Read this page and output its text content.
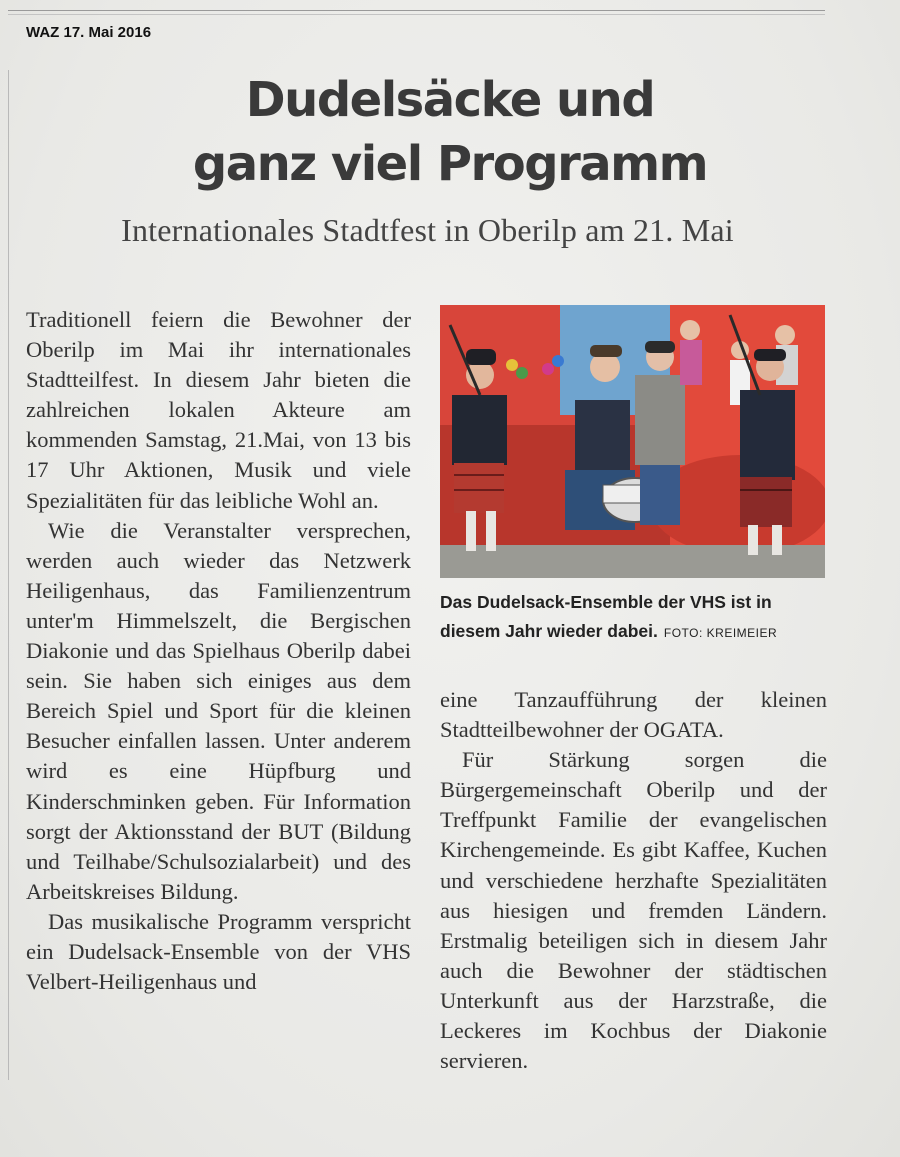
WAZ 17. Mai 2016
Dudelsäcke und
ganz viel Programm
Internationales Stadtfest in Oberilp am 21. Mai

Traditionell feiern die Bewohner der Oberilp im Mai ihr internationales Stadtteilfest. In diesem Jahr bieten die zahlreichen lokalen Akteure am kommenden Samstag, 21.Mai, von 13 bis 17 Uhr Aktionen, Musik und viele Spezialitäten für das leibliche Wohl an.

Wie die Veranstalter versprechen, werden auch wieder das Netzwerk Heiligenhaus, das Familienzentrum unter'm Himmelszelt, die Bergischen Diakonie und das Spielhaus Oberilp dabei sein. Sie haben sich einiges aus dem Bereich Spiel und Sport für die kleinen Besucher einfallen lassen. Unter anderem wird es eine Hüpfburg und Kinderschminken geben. Für Information sorgt der Aktionsstand der BUT (Bildung und Teilhabe/Schulsozialarbeit) und des Arbeitskreises Bildung.

Das musikalische Programm verspricht ein Dudelsack-Ensemble von der VHS Velbert-Heiligenhaus und

Das Dudelsack-Ensemble der VHS ist in diesem Jahr wieder dabei. FOTO: KREIMEIER

eine Tanzaufführung der kleinen Stadtteilbewohner der OGATA.

Für Stärkung sorgen die Bürgergemeinschaft Oberilp und der Treffpunkt Familie der evangelischen Kirchengemeinde. Es gibt Kaffee, Kuchen und verschiedene herzhafte Spezialitäten aus hiesigen und fremden Ländern. Erstmalig beteiligen sich in diesem Jahr auch die Bewohner der städtischen Unterkunft aus der Harzstraße, die Leckeres im Kochbus der Diakonie servieren.
